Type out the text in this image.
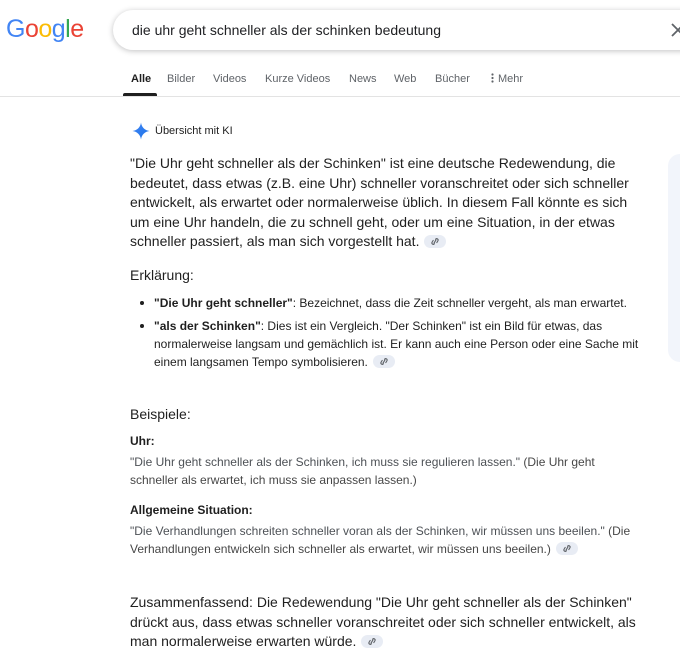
Google	die uhr geht schneller als der schinken bedeutung
Alle Bilder Videos Kurze Videos News Web Bücher	Mehr
Übersicht mit KI
"Die Uhr geht schneller als der Schinken" ist eine deutsche Redewendung, die bedeutet, dass etwas (z.B. eine Uhr) schneller voranschreitet oder sich schneller entwickelt, als erwartet oder normalerweise üblich. In diesem Fall könnte es sich um eine Uhr handeln, die zu schnell geht, oder um eine Situation, in der etwas schneller passiert, als man sich vorgestellt hat.
Erklärung:
"Die Uhr geht schneller": Bezeichnet, dass die Zeit schneller vergeht, als man erwartet.
"als der Schinken": Dies ist ein Vergleich. "Der Schinken" ist ein Bild für etwas, das normalerweise langsam und gemächlich ist. Er kann auch eine Person oder eine Sache mit einem langsamen Tempo symbolisieren.
Beispiele:
Uhr:
"Die Uhr geht schneller als der Schinken, ich muss sie regulieren lassen." (Die Uhr geht schneller als erwartet, ich muss sie anpassen lassen.)
Allgemeine Situation:
"Die Verhandlungen schreiten schneller voran als der Schinken, wir müssen uns beeilen." (Die Verhandlungen entwickeln sich schneller als erwartet, wir müssen uns beeilen.)
Zusammenfassend: Die Redewendung "Die Uhr geht schneller als der Schinken" drückt aus, dass etwas schneller voranschreitet oder sich schneller entwickelt, als man normalerweise erwarten würde.
